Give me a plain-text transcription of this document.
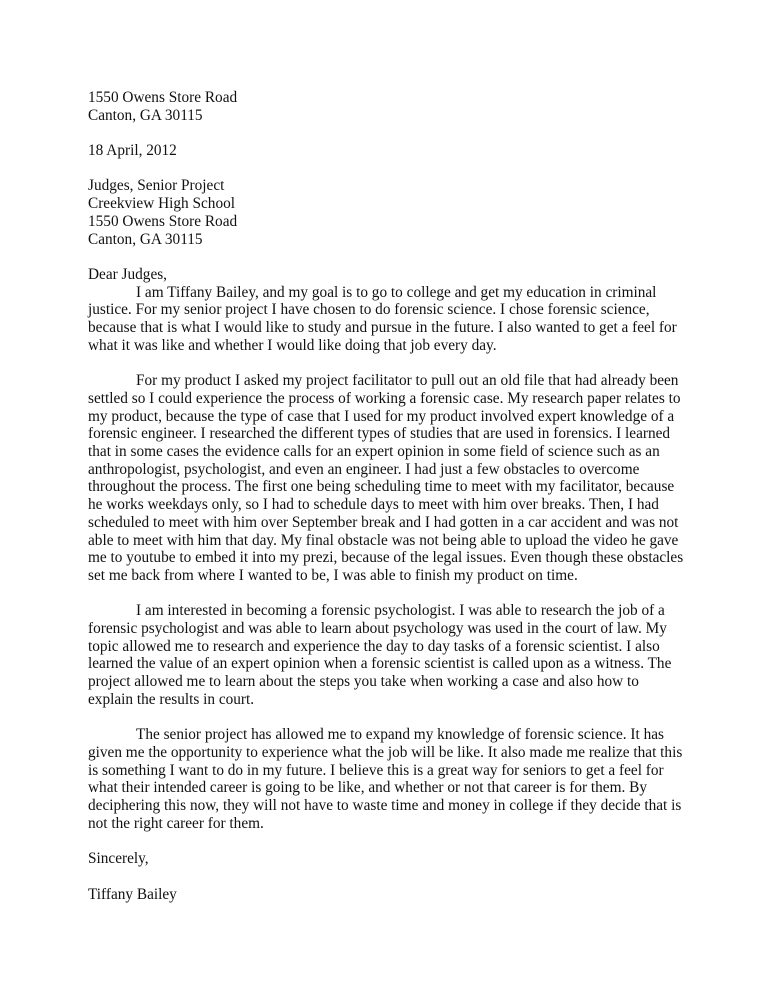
1550 Owens Store Road
Canton, GA 30115
18 April, 2012
Judges, Senior Project
Creekview High School
1550 Owens Store Road
Canton, GA 30115
Dear Judges,
I am Tiffany Bailey, and my goal is to go to college and get my education in criminal
justice. For my senior project I have chosen to do forensic science. I chose forensic science,
because that is what I would like to study and pursue in the future. I also wanted to get a feel for
what it was like and whether I would like doing that job every day.
For my product I asked my project facilitator to pull out an old file that had already been
settled so I could experience the process of working a forensic case. My research paper relates to
my product, because the type of case that I used for my product involved expert knowledge of a
forensic engineer. I researched the different types of studies that are used in forensics. I learned
that in some cases the evidence calls for an expert opinion in some field of science such as an
anthropologist, psychologist, and even an engineer. I had just a few obstacles to overcome
throughout the process. The first one being scheduling time to meet with my facilitator, because
he works weekdays only, so I had to schedule days to meet with him over breaks. Then, I had
scheduled to meet with him over September break and I had gotten in a car accident and was not
able to meet with him that day. My final obstacle was not being able to upload the video he gave
me to youtube to embed it into my prezi, because of the legal issues. Even though these obstacles
set me back from where I wanted to be, I was able to finish my product on time.
I am interested in becoming a forensic psychologist. I was able to research the job of a
forensic psychologist and was able to learn about psychology was used in the court of law. My
topic allowed me to research and experience the day to day tasks of a forensic scientist. I also
learned the value of an expert opinion when a forensic scientist is called upon as a witness. The
project allowed me to learn about the steps you take when working a case and also how to
explain the results in court.
The senior project has allowed me to expand my knowledge of forensic science. It has
given me the opportunity to experience what the job will be like. It also made me realize that this
is something I want to do in my future. I believe this is a great way for seniors to get a feel for
what their intended career is going to be like, and whether or not that career is for them. By
deciphering this now, they will not have to waste time and money in college if they decide that is
not the right career for them.
Sincerely,
Tiffany Bailey
